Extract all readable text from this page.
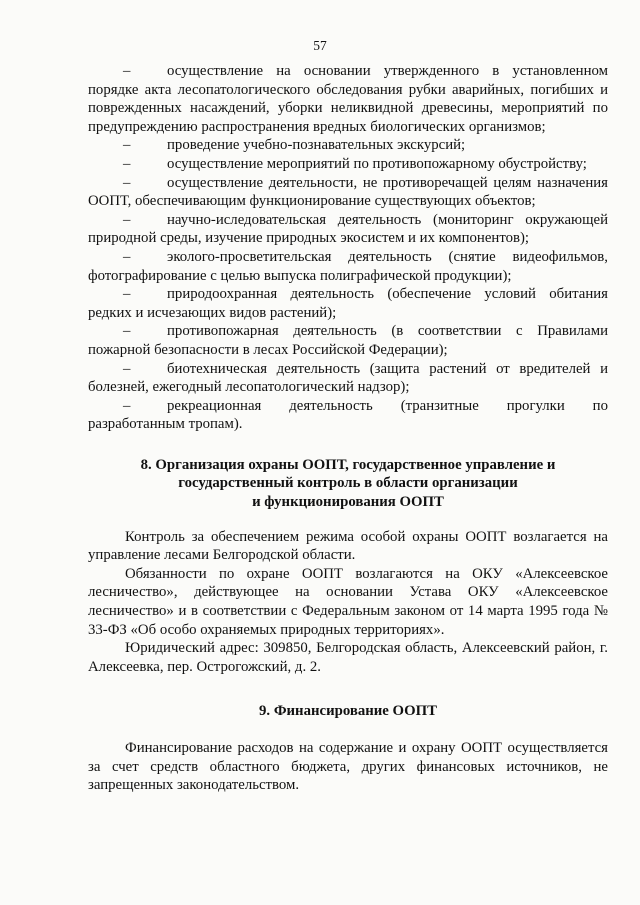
57

– осуществление на основании утвержденного в установленном порядке акта лесопатологического обследования рубки аварийных, погибших и поврежденных насаждений, уборки неликвидной древесины, мероприятий по предупреждению распространения вредных биологических организмов;

– проведение учебно-познавательных экскурсий;

– осуществление мероприятий по противопожарному обустройству;

– осуществление деятельности, не противоречащей целям назначения ООПТ, обеспечивающим функционирование существующих объектов;

– научно-иследовательская деятельность (мониторинг окружающей природной среды, изучение природных экосистем и их компонентов);

– эколого-просветительская деятельность (снятие видеофильмов, фотографирование с целью выпуска полиграфической продукции);

– природоохранная деятельность (обеспечение условий обитания редких и исчезающих видов растений);

– противопожарная деятельность (в соответствии с Правилами пожарной безопасности в лесах Российской Федерации);

– биотехническая деятельность (защита растений от вредителей и болезней, ежегодный лесопатологический надзор);

– рекреационная деятельность (транзитные прогулки по разработанным тропам).

8. Организация охраны ООПТ, государственное управление и
государственный контроль в области организации
и функционирования ООПТ

Контроль за обеспечением режима особой охраны ООПТ возлагается на управление лесами Белгородской области.

Обязанности по охране ООПТ возлагаются на ОКУ «Алексеевское лесничество», действующее на основании Устава ОКУ «Алексеевское лесничество» и в соответствии с Федеральным законом от 14 марта 1995 года № 33-ФЗ «Об особо охраняемых природных территориях».

Юридический адрес: 309850, Белгородская область, Алексеевский район, г. Алексеевка, пер. Острогожский, д. 2.

9. Финансирование ООПТ

Финансирование расходов на содержание и охрану ООПТ осуществляется за счет средств областного бюджета, других финансовых источников, не запрещенных законодательством.
